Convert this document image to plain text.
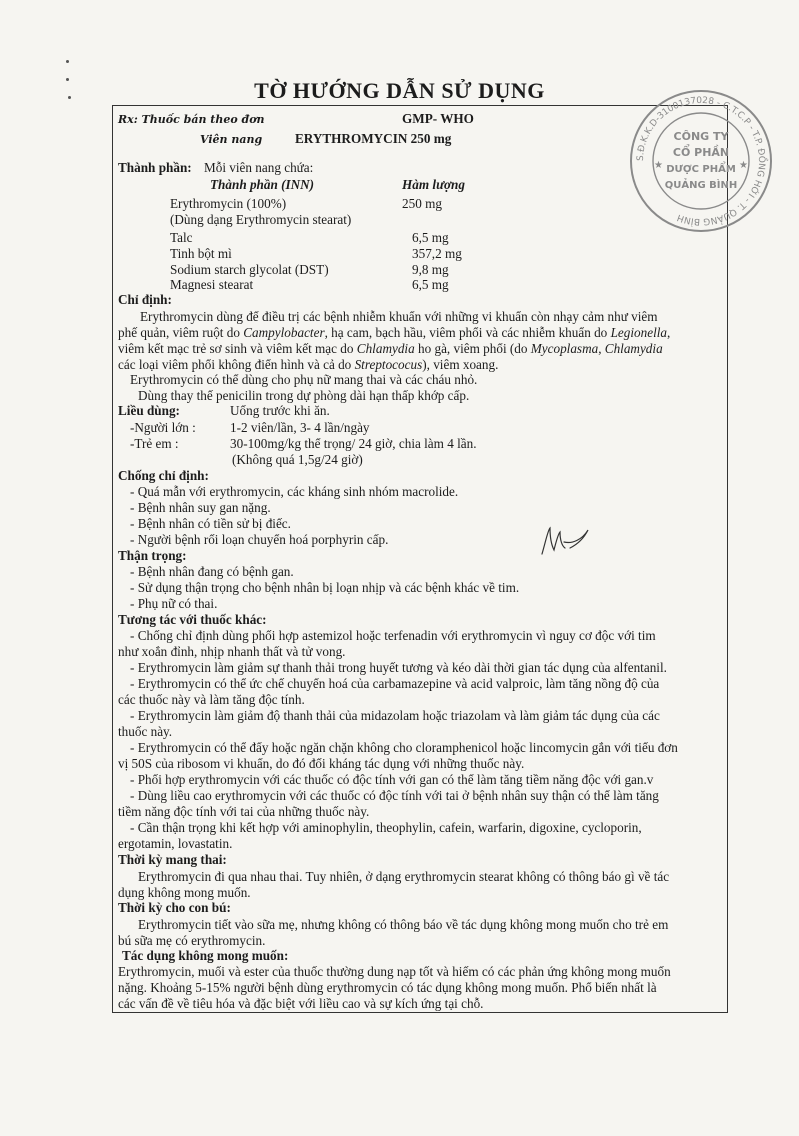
TỜ HƯỚNG DẪN SỬ DỤNG
Rx: Thuốc bán theo đơn	GMP- WHO
Viên nang ERYTHROMYCIN 250 mg
Thành phần: Mỗi viên nang chứa:
Thành phần (INN)	Hàm lượng
Erythromycin (100%)	250 mg
(Dùng dạng Erythromycin stearat)
Talc	6,5 mg
Tinh bột mì	357,2 mg
Sodium starch glycolat (DST)	9,8 mg
Magnesi stearat	6,5 mg
Chỉ định:
Erythromycin dùng để điều trị các bệnh nhiễm khuẩn với những vi khuẩn còn nhạy cảm như viêm
phế quản, viêm ruột do Campylobacter, hạ cam, bạch hầu, viêm phổi và các nhiễm khuẩn do Legionella,
viêm kết mạc trẻ sơ sinh và viêm kết mạc do Chlamydia ho gà, viêm phổi (do Mycoplasma, Chlamydia
các loại viêm phổi không điển hình và cả do Streptococus), viêm xoang.
Erythromycin có thể dùng cho phụ nữ mang thai và các cháu nhỏ.
Dùng thay thế penicilin trong dự phòng dài hạn thấp khớp cấp.
Liều dùng:	Uống trước khi ăn.
-Người lớn :	1-2 viên/lần, 3- 4 lần/ngày
-Trẻ em :	30-100mg/kg thể trọng/ 24 giờ, chia làm 4 lần.
(Không quá 1,5g/24 giờ)
Chống chỉ định:
- Quá mẫn với erythromycin, các kháng sinh nhóm macrolide.
- Bệnh nhân suy gan nặng.
- Bệnh nhân có tiền sử bị điếc.
- Người bệnh rối loạn chuyển hoá porphyrin cấp.
Thận trọng:
- Bệnh nhân đang có bệnh gan.
- Sử dụng thận trọng cho bệnh nhân bị loạn nhịp và các bệnh khác về tim.
- Phụ nữ có thai.
Tương tác với thuốc khác:
- Chống chỉ định dùng phối hợp astemizol hoặc terfenadin với erythromycin vì nguy cơ độc với tim
như xoắn đỉnh, nhịp nhanh thất và tử vong.
- Erythromycin làm giảm sự thanh thải trong huyết tương và kéo dài thời gian tác dụng của alfentanil.
- Erythromycin có thể ức chế chuyển hoá của carbamazepine và acid valproic, làm tăng nồng độ của
các thuốc này và làm tăng độc tính.
- Erythromycin làm giảm độ thanh thải của midazolam hoặc triazolam và làm giảm tác dụng của các
thuốc này.
- Erythromycin có thể đẩy hoặc ngăn chặn không cho cloramphenicol hoặc lincomycin gắn với tiểu đơn
vị 50S của ribosom vi khuẩn, do đó đối kháng tác dụng với những thuốc này.
- Phối hợp erythromycin với các thuốc có độc tính với gan có thể làm tăng tiềm năng độc với gan.v
- Dùng liều cao erythromycin với các thuốc có độc tính với tai ở bệnh nhân suy thận có thể làm tăng
tiềm năng độc tính với tai của những thuốc này.
- Cần thận trọng khi kết hợp với aminophylin, theophylin, cafein, warfarin, digoxine, cycloporin,
ergotamin, lovastatin.
Thời kỳ mang thai:
Erythromycin đi qua nhau thai. Tuy nhiên, ở dạng erythromycin stearat không có thông báo gì về tác
dụng không mong muốn.
Thời kỳ cho con bú:
Erythromycin tiết vào sữa mẹ, nhưng không có thông báo về tác dụng không mong muốn cho trẻ em
bú sữa mẹ có erythromycin.
Tác dụng không mong muốn:
Erythromycin, muối và ester của thuốc thường dung nạp tốt và hiếm có các phản ứng không mong muốn
nặng. Khoảng 5-15% người bệnh dùng erythromycin có tác dụng không mong muốn. Phổ biến nhất là
các vấn đề về tiêu hóa và đặc biệt với liều cao và sự kích ứng tại chỗ.
S.Đ.K.K.D-3100137028 - C.T.C.P - T.P. ĐỒNG HỚI - T. QUẢNG BÌNH
CÔNG TY
CỔ PHẦN
DƯỢC PHẨM
QUẢNG BÌNH
★	★
